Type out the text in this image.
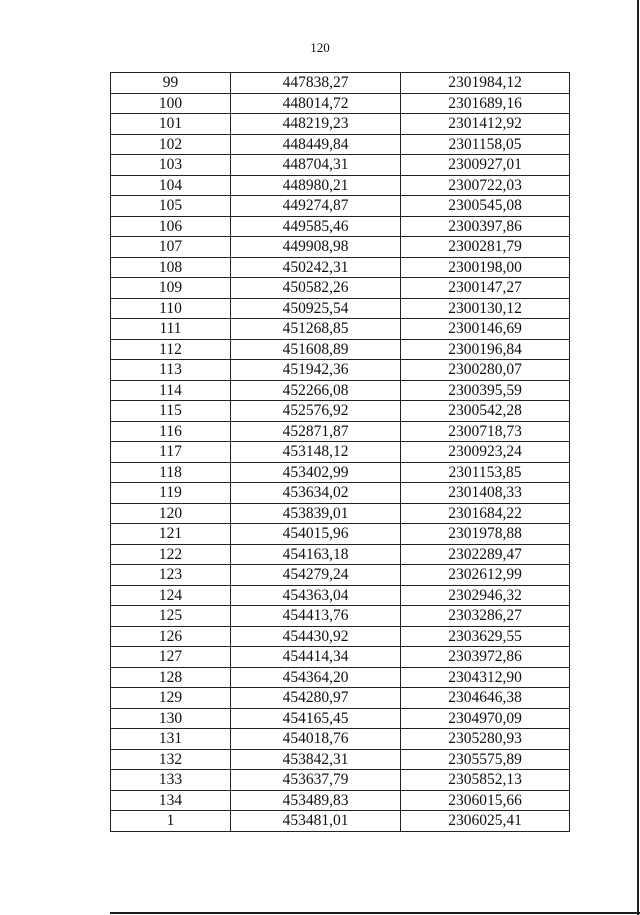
120
99	447838,27	2301984,12
100	448014,72	2301689,16
101	448219,23	2301412,92
102	448449,84	2301158,05
103	448704,31	2300927,01
104	448980,21	2300722,03
105	449274,87	2300545,08
106	449585,46	2300397,86
107	449908,98	2300281,79
108	450242,31	2300198,00
109	450582,26	2300147,27
110	450925,54	2300130,12
111	451268,85	2300146,69
112	451608,89	2300196,84
113	451942,36	2300280,07
114	452266,08	2300395,59
115	452576,92	2300542,28
116	452871,87	2300718,73
117	453148,12	2300923,24
118	453402,99	2301153,85
119	453634,02	2301408,33
120	453839,01	2301684,22
121	454015,96	2301978,88
122	454163,18	2302289,47
123	454279,24	2302612,99
124	454363,04	2302946,32
125	454413,76	2303286,27
126	454430,92	2303629,55
127	454414,34	2303972,86
128	454364,20	2304312,90
129	454280,97	2304646,38
130	454165,45	2304970,09
131	454018,76	2305280,93
132	453842,31	2305575,89
133	453637,79	2305852,13
134	453489,83	2306015,66
1	453481,01	2306025,41
